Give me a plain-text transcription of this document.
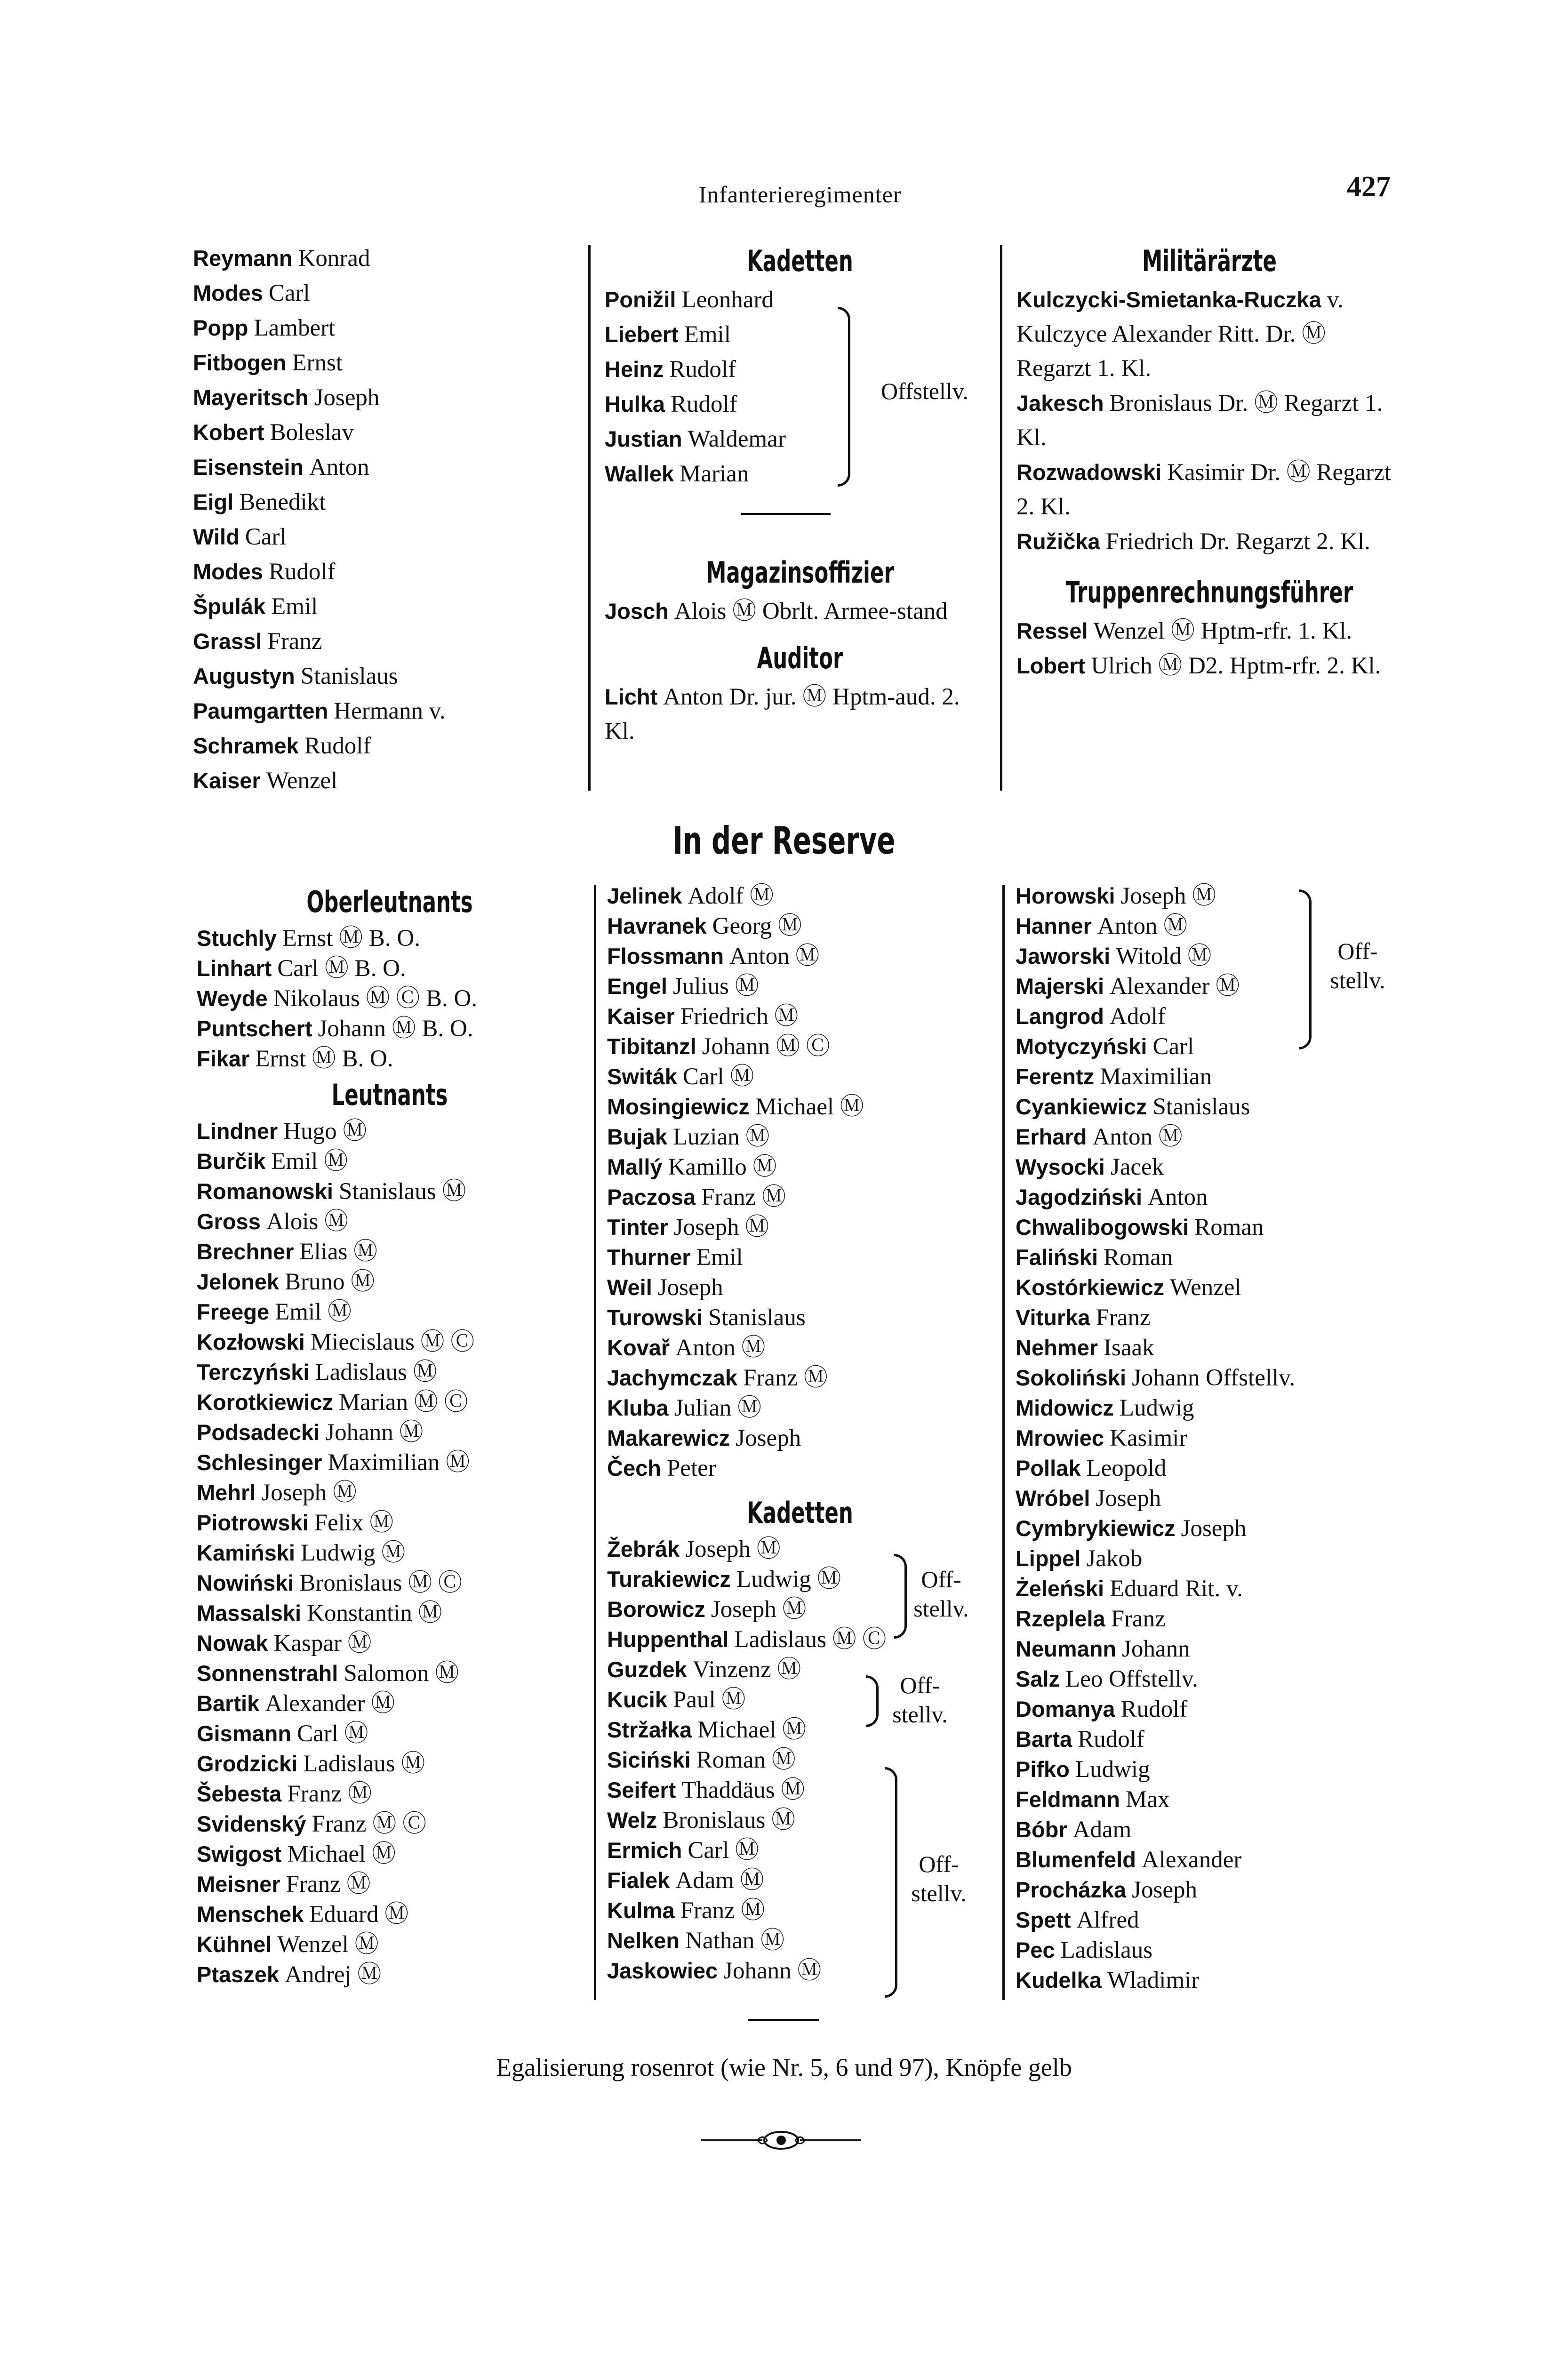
Infanterieregimenter	427
Reymann Konrad
Modes Carl
Popp Lambert
Fitbogen Ernst
Mayeritsch Joseph
Kobert Boleslav
Eisenstein Anton
Eigl Benedikt
Wild Carl
Modes Rudolf
Špulák Emil
Grassl Franz
Augustyn Stanislaus
Paumgartten Hermann v.
Schramek Rudolf
Kaiser Wenzel
Kadetten
Ponižil Leonhard
Liebert Emil
Heinz Rudolf
Hulka Rudolf
Justian Waldemar
Wallek Marian
Offstellv.
Magazinsoffizier
Josch Alois Ⓜ Obrlt. Armee-stand
Auditor
Licht Anton Dr. jur. Ⓜ Hptm-aud. 2. Kl.
Militärärzte
Kulczycki-Smietanka-Ruczka v. Kulczyce Alexander Ritt. Dr. Ⓜ Regarzt 1. Kl.
Jakesch Bronislaus Dr. Ⓜ Regarzt 1. Kl.
Rozwadowski Kasimir Dr. Ⓜ Regarzt 2. Kl.
Ružička Friedrich Dr. Regarzt 2. Kl.
Truppenrechnungsführer
Ressel Wenzel Ⓜ Hptm-rfr. 1. Kl.
Lobert Ulrich Ⓜ D2. Hptm-rfr. 2. Kl.
In der Reserve
Oberleutnants
Stuchly Ernst Ⓜ B. O.
Linhart Carl Ⓜ B. O.
Weyde Nikolaus Ⓜ Ⓒ B. O.
Puntschert Johann Ⓜ B. O.
Fikar Ernst Ⓜ B. O.
Leutnants
Lindner Hugo Ⓜ
Burčik Emil Ⓜ
Romanowski Stanislaus Ⓜ
Gross Alois Ⓜ
Brechner Elias Ⓜ
Jelonek Bruno Ⓜ
Freege Emil Ⓜ
Kozłowski Miecislaus Ⓜ Ⓒ
Terczyński Ladislaus Ⓜ
Korotkiewicz Marian Ⓜ Ⓒ
Podsadecki Johann Ⓜ
Schlesinger Maximilian Ⓜ
Mehrl Joseph Ⓜ
Piotrowski Felix Ⓜ
Kamiński Ludwig Ⓜ
Nowiński Bronislaus Ⓜ Ⓒ
Massalski Konstantin Ⓜ
Nowak Kaspar Ⓜ
Sonnenstrahl Salomon Ⓜ
Bartik Alexander Ⓜ
Gismann Carl Ⓜ
Grodzicki Ladislaus Ⓜ
Šebesta Franz Ⓜ
Svidenský Franz Ⓜ Ⓒ
Swigost Michael Ⓜ
Meisner Franz Ⓜ
Menschek Eduard Ⓜ
Kühnel Wenzel Ⓜ
Ptaszek Andrej Ⓜ
Jelinek Adolf Ⓜ
Havranek Georg Ⓜ
Flossmann Anton Ⓜ
Engel Julius Ⓜ
Kaiser Friedrich Ⓜ
Tibitanzl Johann Ⓜ Ⓒ
Switák Carl Ⓜ
Mosingiewicz Michael Ⓜ
Bujak Luzian Ⓜ
Mallý Kamillo Ⓜ
Paczosa Franz Ⓜ
Tinter Joseph Ⓜ
Thurner Emil
Weil Joseph
Turowski Stanislaus
Kovař Anton Ⓜ
Jachymczak Franz Ⓜ
Kluba Julian Ⓜ
Makarewicz Joseph
Čech Peter
Kadetten
Žebrák Joseph Ⓜ
Turakiewicz Ludwig Ⓜ
Borowicz Joseph Ⓜ
Huppenthal Ladislaus Ⓜ Ⓒ
Guzdek Vinzenz Ⓜ
Kucik Paul Ⓜ
Stržałka Michael Ⓜ
Siciński Roman Ⓜ
Seifert Thaddäus Ⓜ
Welz Bronislaus Ⓜ
Ermich Carl Ⓜ
Fialek Adam Ⓜ
Kulma Franz Ⓜ
Nelken Nathan Ⓜ
Jaskowiec Johann Ⓜ
Off-stellv.
Off-stellv.
Off-stellv.
Horowski Joseph Ⓜ
Hanner Anton Ⓜ
Jaworski Witold Ⓜ
Majerski Alexander Ⓜ
Langrod Adolf
Motyczyński Carl
Ferentz Maximilian
Cyankiewicz Stanislaus
Erhard Anton Ⓜ
Wysocki Jacek
Jagodziński Anton
Chwalibogowski Roman
Faliński Roman
Kostórkiewicz Wenzel
Viturka Franz
Nehmer Isaak
Sokoliński Johann Offstellv.
Midowicz Ludwig
Mrowiec Kasimir
Pollak Leopold
Wróbel Joseph
Cymbrykiewicz Joseph
Lippel Jakob
Żeleński Eduard Rit. v.
Rzeplela Franz
Neumann Johann
Salz Leo Offstellv.
Domanya Rudolf
Barta Rudolf
Pifko Ludwig
Feldmann Max
Bóbr Adam
Blumenfeld Alexander
Procházka Joseph
Spett Alfred
Pec Ladislaus
Kudelka Wladimir
Off-stellv.
Egalisierung rosenrot (wie Nr. 5, 6 und 97), Knöpfe gelb
